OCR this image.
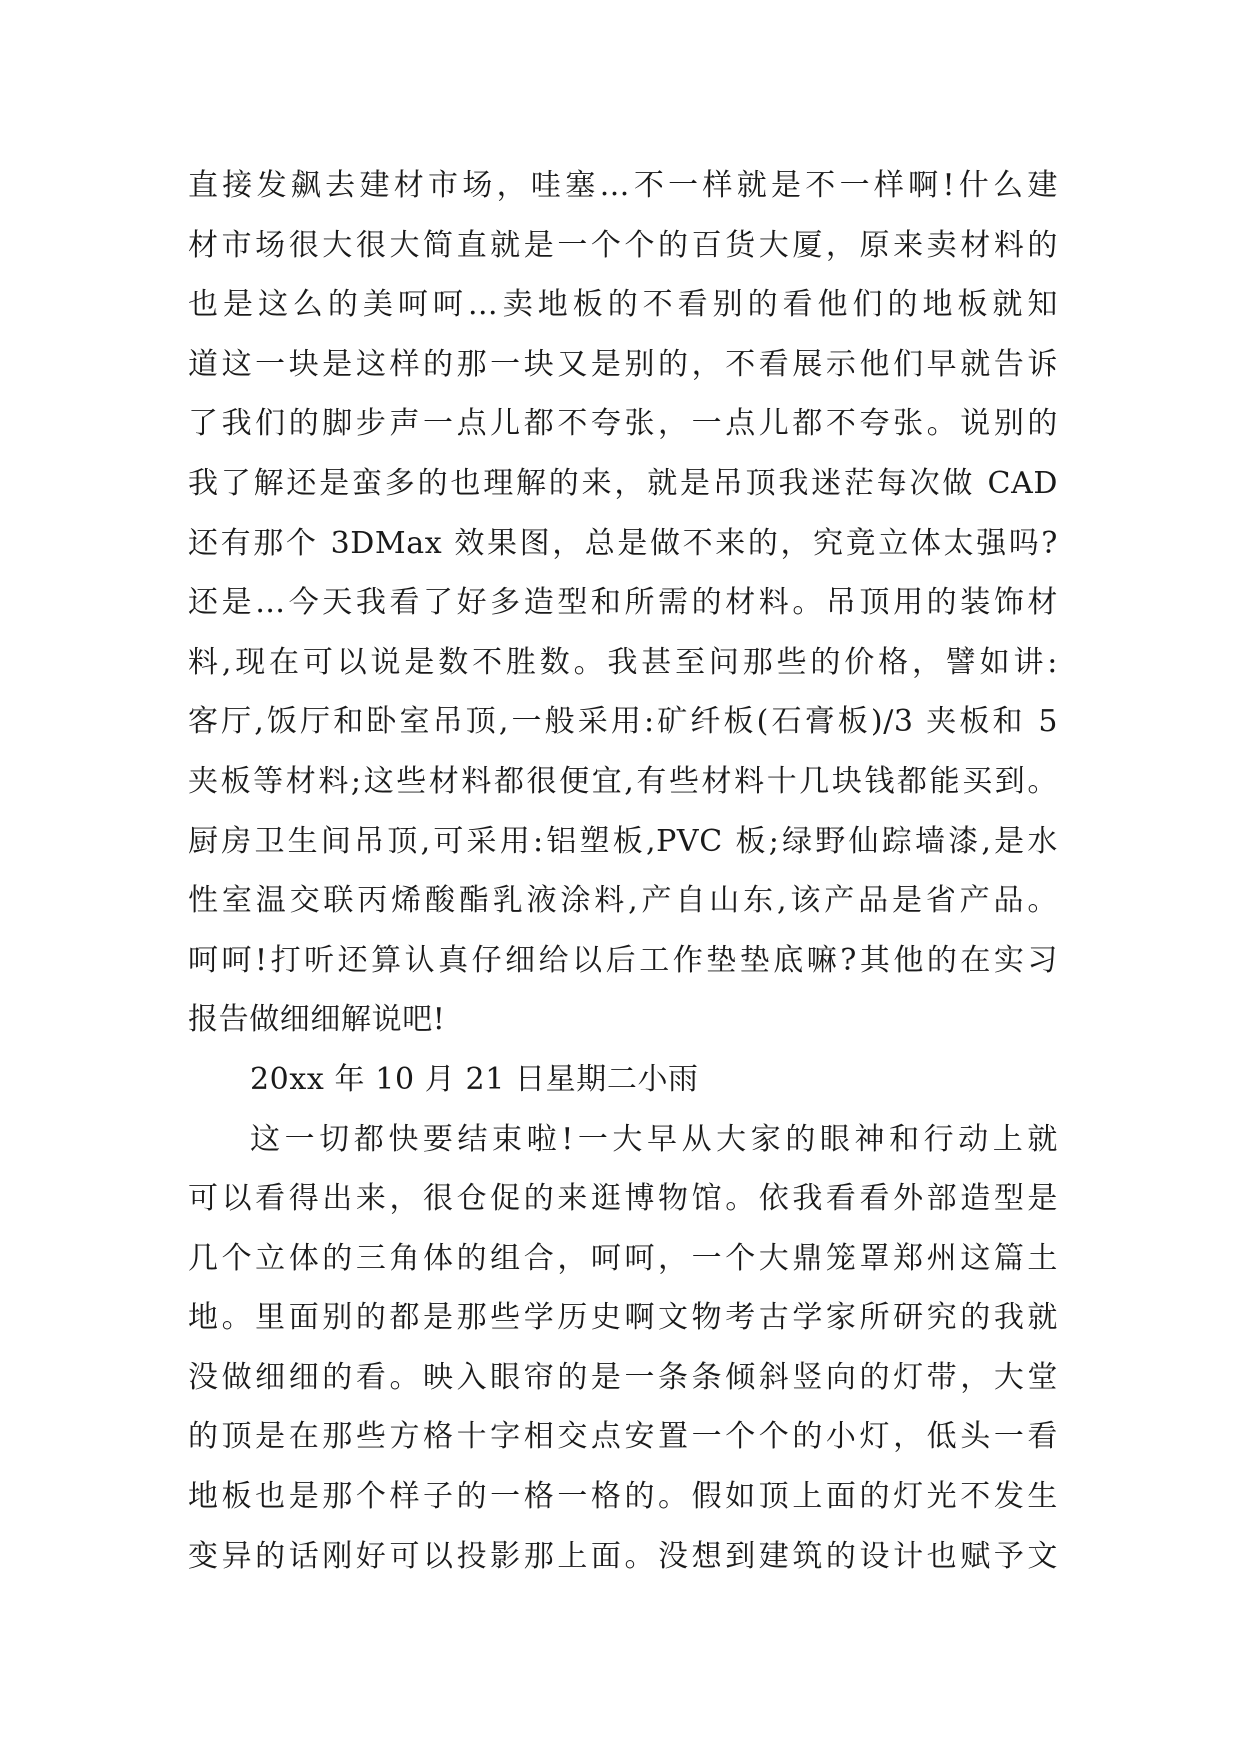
直接发飙去建材市场，哇塞…不一样就是不一样啊!什么建
材市场很大很大简直就是一个个的百货大厦，原来卖材料的
也是这么的美呵呵…卖地板的不看别的看他们的地板就知
道这一块是这样的那一块又是别的，不看展示他们早就告诉
了我们的脚步声一点儿都不夸张，一点儿都不夸张。说别的
我了解还是蛮多的也理解的来，就是吊顶我迷茫每次做 CAD
还有那个 3DMax 效果图，总是做不来的，究竟立体太强吗?
还是…今天我看了好多造型和所需的材料。吊顶用的装饰材
料,现在可以说是数不胜数。我甚至问那些的价格，譬如讲:
客厅,饭厅和卧室吊顶,一般采用:矿纤板(石膏板)/3 夹板和 5
夹板等材料;这些材料都很便宜,有些材料十几块钱都能买到。
厨房卫生间吊顶,可采用:铝塑板,PVC 板;绿野仙踪墙漆,是水
性室温交联丙烯酸酯乳液涂料,产自山东,该产品是省产品。
呵呵!打听还算认真仔细给以后工作垫垫底嘛?其他的在实习
报告做细细解说吧!
20xx 年 10 月 21 日星期二小雨
这一切都快要结束啦!一大早从大家的眼神和行动上就
可以看得出来，很仓促的来逛博物馆。依我看看外部造型是
几个立体的三角体的组合，呵呵，一个大鼎笼罩郑州这篇土
地。里面别的都是那些学历史啊文物考古学家所研究的我就
没做细细的看。映入眼帘的是一条条倾斜竖向的灯带，大堂
的顶是在那些方格十字相交点安置一个个的小灯，低头一看
地板也是那个样子的一格一格的。假如顶上面的灯光不发生
变异的话刚好可以投影那上面。没想到建筑的设计也赋予文
